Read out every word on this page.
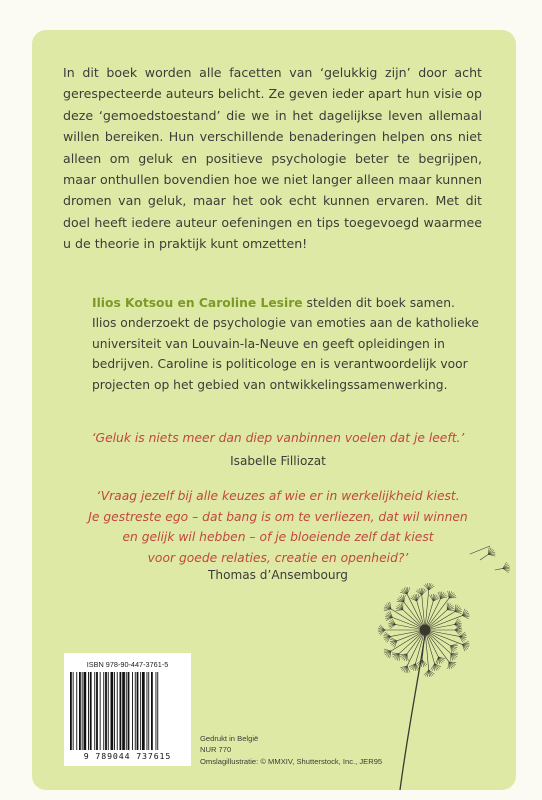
In dit boek worden alle facetten van ‘gelukkig zijn’ door acht gerespecteerde auteurs belicht. Ze geven ieder apart hun visie op deze ‘gemoedstoestand’ die we in het dagelijkse leven allemaal willen bereiken. Hun verschillende benaderingen helpen ons niet alleen om geluk en positieve psychologie beter te begrijpen, maar onthullen bovendien hoe we niet langer alleen maar kunnen dromen van geluk, maar het ook echt kunnen ervaren. Met dit doel heeft iedere auteur oefeningen en tips toegevoegd waarmee u de theorie in praktijk kunt omzetten!

Ilios Kotsou en Caroline Lesire stelden dit boek samen. Ilios onderzoekt de psychologie van emoties aan de katholieke universiteit van Louvain-la-Neuve en geeft opleidingen in bedrijven. Caroline is politicologe en is verantwoordelijk voor projecten op het gebied van ontwikkelingssamenwerking.

‘Geluk is niets meer dan diep vanbinnen voelen dat je leeft.’

Isabelle Filliozat

‘Vraag jezelf bij alle keuzes af wie er in werkelijkheid kiest.
Je gestreste ego – dat bang is om te verliezen, dat wil winnen
en gelijk wil hebben – of je bloeiende zelf dat kiest
voor goede relaties, creatie en openheid?’

Thomas d’Ansembourg

ISBN 978-90-447-3761-5
9 789044 737615
Gedrukt in België
NUR 770
Omslagillustratie: © MMXIV, Shutterstock, Inc., JER95
